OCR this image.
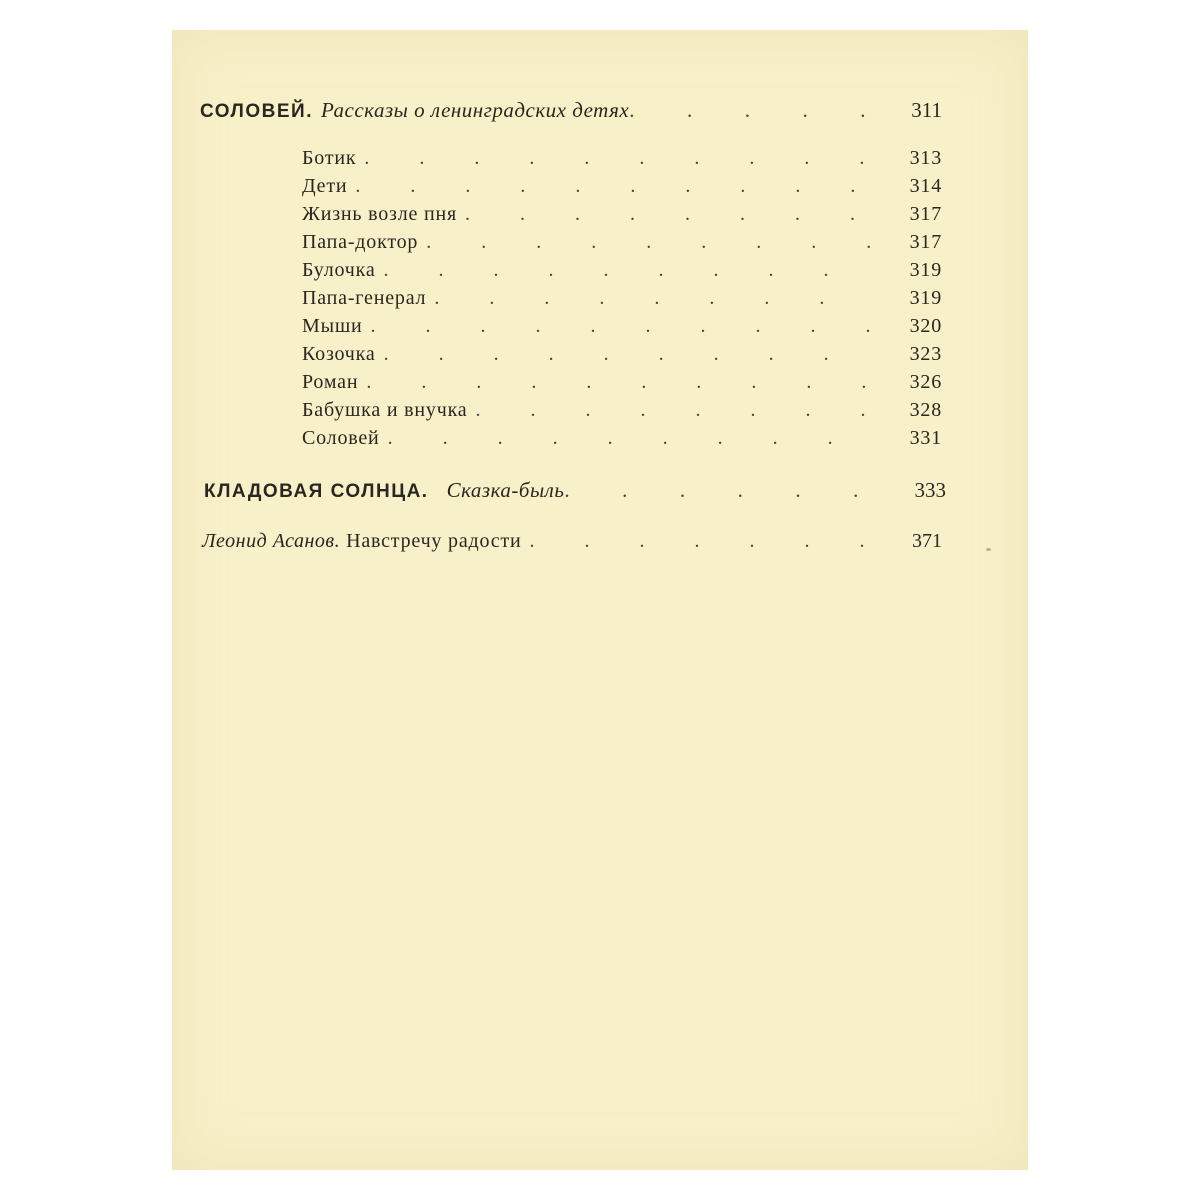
СОЛОВЕЙ. Рассказы о ленинградских детях .	311
Ботик .	313
Дети .	314
Жизнь возле пня .	317
Папа-доктор .	317
Булочка .	319
Папа-генерал .	319
Мыши .	320
Козочка .	323
Роман .	326
Бабушка и внучка .	328
Соловей .	331
КЛАДОВАЯ СОЛНЦА. Сказка-быль .	333
Леонид Асанов. Навстречу радости .	371
